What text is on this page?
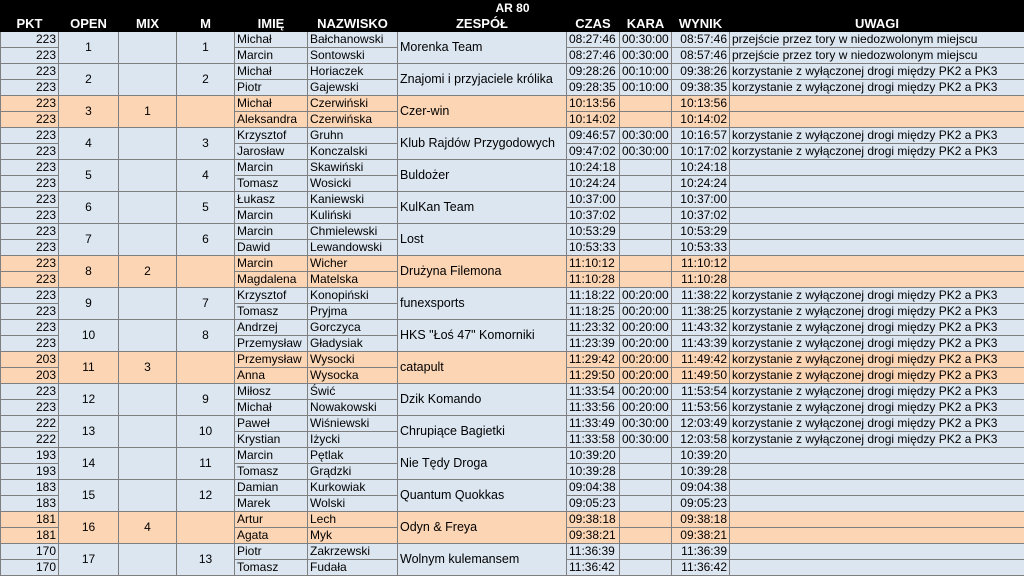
AR 80										
PKT	OPEN	MIX	M	IMIĘ	NAZWISKO	ZESPÓŁ	CZAS	KARA	WYNIK	UWAGI
223	1		1	Michał	Bałchanowski	Morenka Team	08:27:46	00:30:00	08:57:46	przejście przez tory w niedozwolonym miejscu
223				Marcin	Sontowski		08:27:46	00:30:00	08:57:46	przejście przez tory w niedozwolonym miejscu
223	2		2	Michał	Horiaczek	Znajomi i przyjaciele królika	09:28:26	00:10:00	09:38:26	korzystanie z wyłączonej drogi między PK2 a PK3
223				Piotr	Gajewski		09:28:35	00:10:00	09:38:35	korzystanie z wyłączonej drogi między PK2 a PK3
223	3	1		Michał	Czerwiński	Czer-win	10:13:56		10:13:56	
223				Aleksandra	Czerwińska		10:14:02		10:14:02	
223	4		3	Krzysztof	Gruhn	Klub Rajdów Przygodowych	09:46:57	00:30:00	10:16:57	korzystanie z wyłączonej drogi między PK2 a PK3
223				Jarosław	Konczalski		09:47:02	00:30:00	10:17:02	korzystanie z wyłączonej drogi między PK2 a PK3
223	5		4	Marcin	Skawiński	Buldożer	10:24:18		10:24:18	
223				Tomasz	Wosicki		10:24:24		10:24:24	
223	6		5	Łukasz	Kaniewski	KulKan Team	10:37:00		10:37:00	
223				Marcin	Kuliński		10:37:02		10:37:02	
223	7		6	Marcin	Chmielewski	Lost	10:53:29		10:53:29	
223				Dawid	Lewandowski		10:53:33		10:53:33	
223	8	2		Marcin	Wicher	Drużyna Filemona	11:10:12		11:10:12	
223				Magdalena	Matelska		11:10:28		11:10:28	
223	9		7	Krzysztof	Konopiński	funexsports	11:18:22	00:20:00	11:38:22	korzystanie z wyłączonej drogi między PK2 a PK3
223				Tomasz	Pryjma		11:18:25	00:20:00	11:38:25	korzystanie z wyłączonej drogi między PK2 a PK3
223	10		8	Andrzej	Gorczyca	HKS "Łoś 47" Komorniki	11:23:32	00:20:00	11:43:32	korzystanie z wyłączonej drogi między PK2 a PK3
223				Przemysław	Gładysiak		11:23:39	00:20:00	11:43:39	korzystanie z wyłączonej drogi między PK2 a PK3
203	11	3		Przemysław	Wysocki	catapult	11:29:42	00:20:00	11:49:42	korzystanie z wyłączonej drogi między PK2 a PK3
203				Anna	Wysocka		11:29:50	00:20:00	11:49:50	korzystanie z wyłączonej drogi między PK2 a PK3
223	12		9	Miłosz	Świć	Dzik Komando	11:33:54	00:20:00	11:53:54	korzystanie z wyłączonej drogi między PK2 a PK3
223				Michał	Nowakowski		11:33:56	00:20:00	11:53:56	korzystanie z wyłączonej drogi między PK2 a PK3
222	13		10	Paweł	Wiśniewski	Chrupiące Bagietki	11:33:49	00:30:00	12:03:49	korzystanie z wyłączonej drogi między PK2 a PK3
222				Krystian	Iżycki		11:33:58	00:30:00	12:03:58	korzystanie z wyłączonej drogi między PK2 a PK3
193	14		11	Marcin	Pętlak	Nie Tędy Droga	10:39:20		10:39:20	
193				Tomasz	Grądzki		10:39:28		10:39:28	
183	15		12	Damian	Kurkowiak	Quantum Quokkas	09:04:38		09:04:38	
183				Marek	Wolski		09:05:23		09:05:23	
181	16	4		Artur	Lech	Odyn & Freya	09:38:18		09:38:18	
181				Agata	Myk		09:38:21		09:38:21	
170	17		13	Piotr	Zakrzewski	Wolnym kulemansem	11:36:39		11:36:39	
170				Tomasz	Fudała		11:36:42		11:36:42	
